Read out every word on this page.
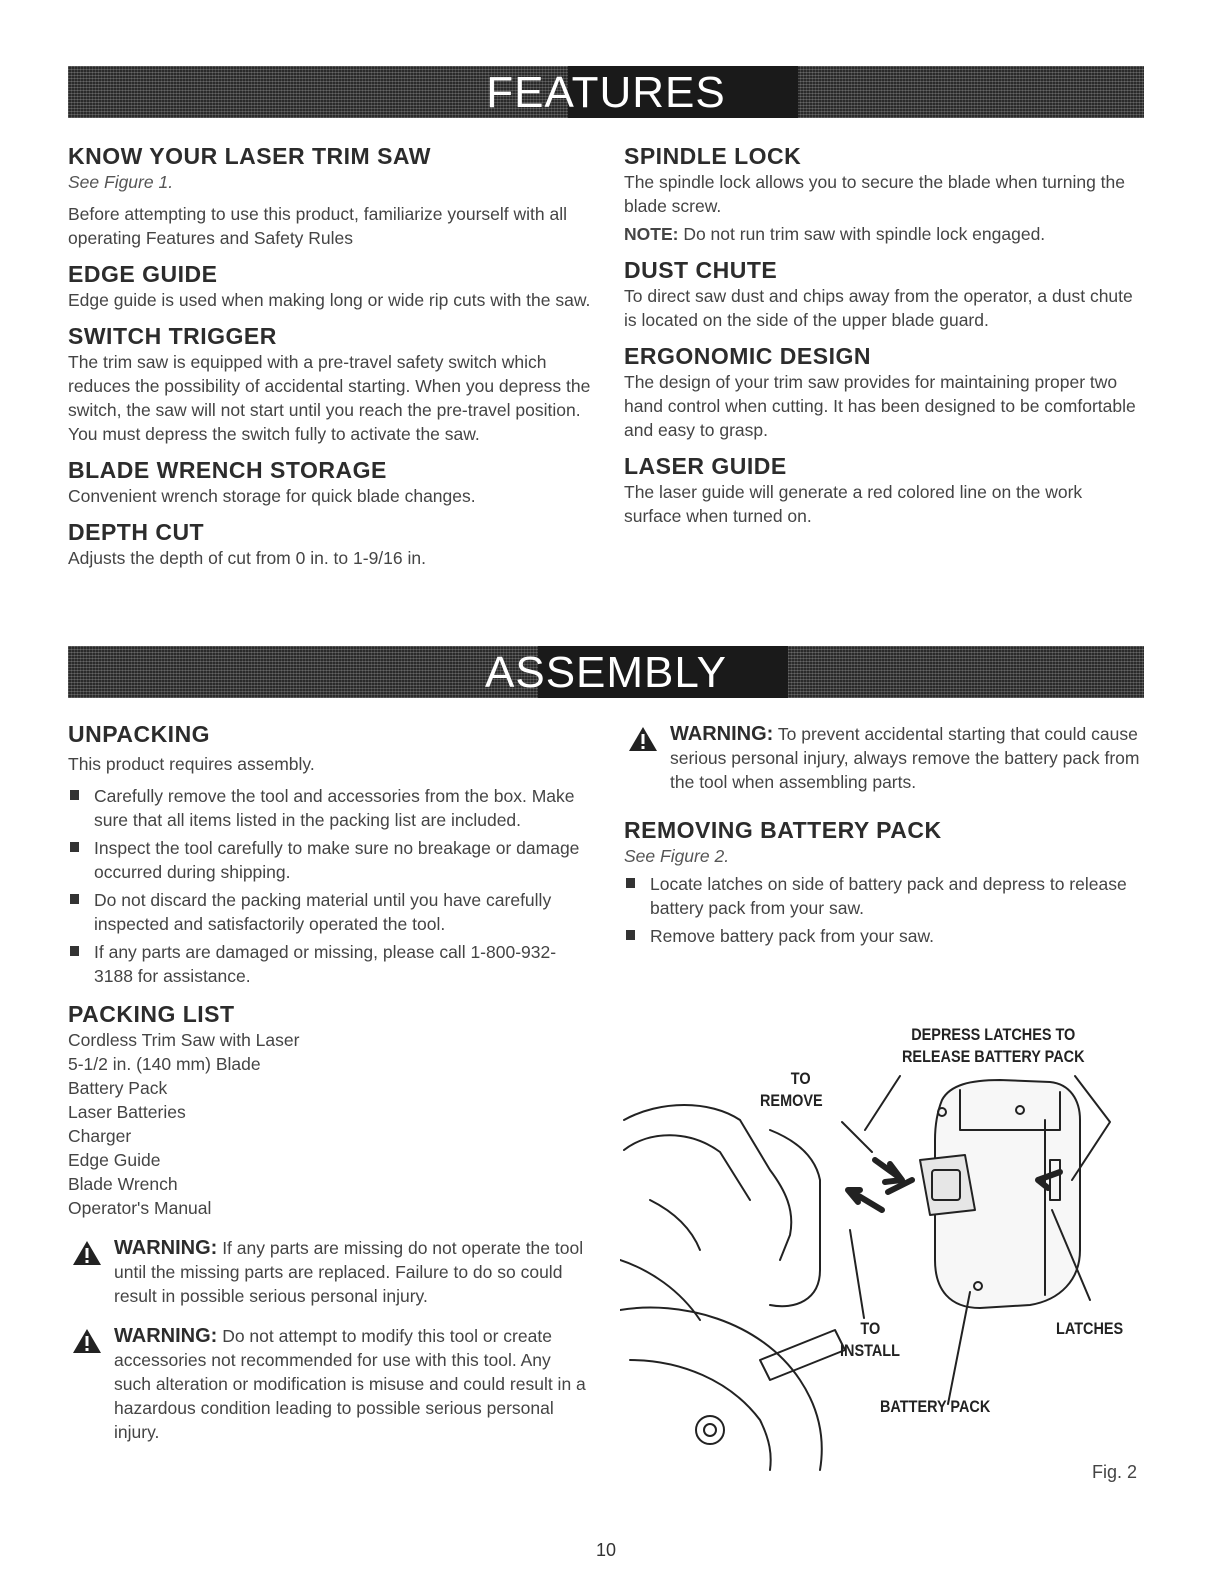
FEATURES
KNOW YOUR LASER TRIM SAW

See Figure 1.

Before attempting to use this product, familiarize yourself with all operating Features and Safety Rules

EDGE GUIDE

Edge guide is used when making long or wide rip cuts with the saw.

SWITCH TRIGGER

The trim saw is equipped with a pre-travel safety switch which reduces the possibility of accidental starting. When you depress the switch, the saw will not start until you reach the pre-travel position. You must depress the switch fully to activate the saw.

BLADE WRENCH STORAGE

Convenient wrench storage for quick blade changes.

DEPTH CUT

Adjusts the depth of cut from 0 in. to 1-9/16 in.

SPINDLE LOCK

The spindle lock allows you to secure the blade when turning the blade screw.

NOTE: Do not run trim saw with spindle lock engaged.

DUST CHUTE

To direct saw dust and chips away from the operator, a dust chute is located on the side of the upper blade guard.

ERGONOMIC DESIGN

The design of your trim saw provides for maintaining proper two hand control when cutting. It has been designed to be comfortable and easy to grasp.

LASER GUIDE

The laser guide will generate a red colored line on the work surface when turned on.

ASSEMBLY
UNPACKING

This product requires assembly.

Carefully remove the tool and accessories from the box. Make sure that all items listed in the packing list are included.
Inspect the tool carefully to make sure no breakage or damage occurred during shipping.
Do not discard the packing material until you have carefully inspected and satisfactorily operated the tool.
If any parts are damaged or missing, please call 1-800-932-3188 for assistance.
PACKING LIST

Cordless Trim Saw with Laser

5-1/2 in. (140 mm) Blade

Battery Pack

Laser Batteries

Charger

Edge Guide

Blade Wrench

Operator's Manual

WARNING: If any parts are missing do not operate the tool until the missing parts are replaced. Failure to do so could result in possible serious personal injury.

WARNING: Do not attempt to modify this tool or create accessories not recommended for use with this tool. Any such alteration or modification is misuse and could result in a hazardous condition leading to possible serious personal injury.

WARNING: To prevent accidental starting that could cause serious personal injury, always remove the battery pack from the tool when assembling parts.

REMOVING BATTERY PACK

See Figure 2.

Locate latches on side of battery pack and depress to release battery pack from your saw.
Remove battery pack from your saw.
DEPRESS LATCHES TO
RELEASE BATTERY PACK
TO
REMOVE
TO
INSTALL
LATCHES
BATTERY PACK
Fig. 2
10
